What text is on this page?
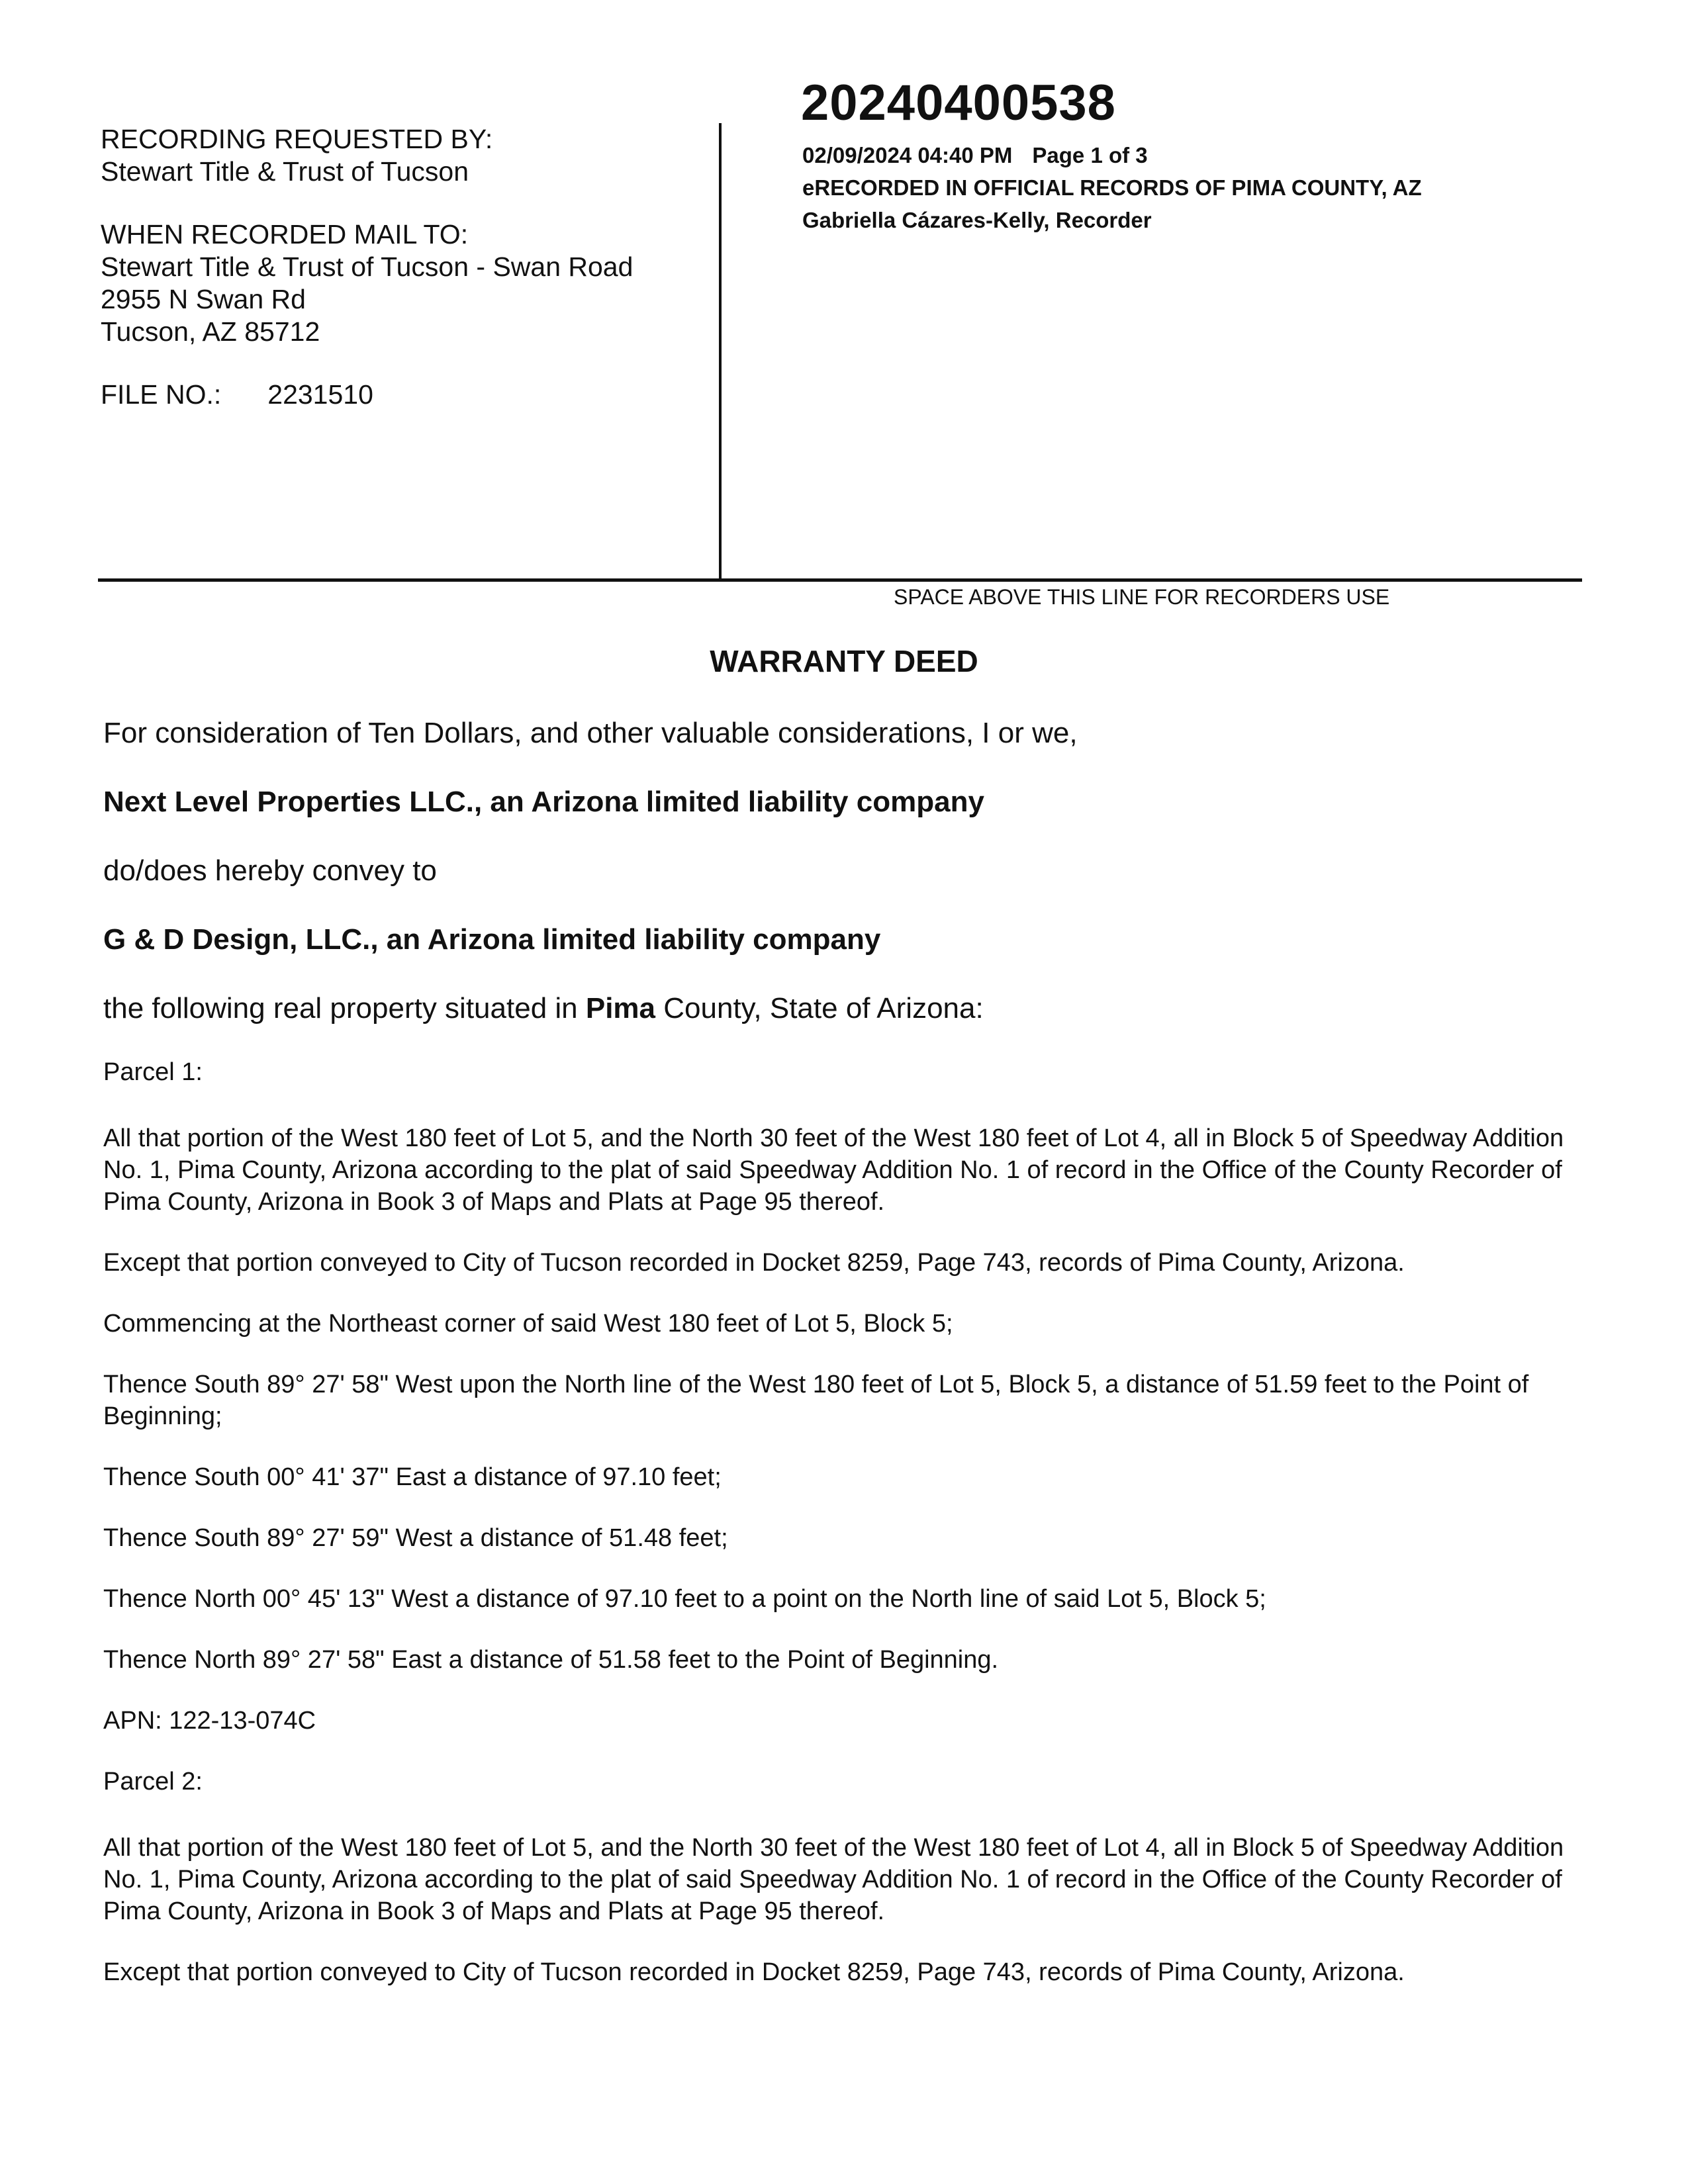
RECORDING REQUESTED BY:

Stewart Title & Trust of Tucson

WHEN RECORDED MAIL TO:

Stewart Title & Trust of Tucson - Swan Road

2955 N Swan Rd

Tucson, AZ 85712

FILE NO.: 2231510

20240400538

02/09/2024 04:40 PM Page 1 of 3

eRECORDED IN OFFICIAL RECORDS OF PIMA COUNTY, AZ

Gabriella Cázares-Kelly, Recorder

SPACE ABOVE THIS LINE FOR RECORDERS USE
WARRANTY DEED

For consideration of Ten Dollars, and other valuable considerations, I or we,

Next Level Properties LLC., an Arizona limited liability company

do/does hereby convey to

G & D Design, LLC., an Arizona limited liability company

the following real property situated in Pima County, State of Arizona:

Parcel 1:

All that portion of the West 180 feet of Lot 5, and the North 30 feet of the West 180 feet of Lot 4, all in Block 5 of Speedway Addition No. 1, Pima County, Arizona according to the plat of said Speedway Addition No. 1 of record in the Office of the County Recorder of Pima County, Arizona in Book 3 of Maps and Plats at Page 95 thereof.

Except that portion conveyed to City of Tucson recorded in Docket 8259, Page 743, records of Pima County, Arizona.

Commencing at the Northeast corner of said West 180 feet of Lot 5, Block 5;

Thence South 89° 27' 58" West upon the North line of the West 180 feet of Lot 5, Block 5, a distance of 51.59 feet to the Point of Beginning;

Thence South 00° 41' 37" East a distance of 97.10 feet;

Thence South 89° 27' 59" West a distance of 51.48 feet;

Thence North 00° 45' 13" West a distance of 97.10 feet to a point on the North line of said Lot 5, Block 5;

Thence North 89° 27' 58" East a distance of 51.58 feet to the Point of Beginning.

APN: 122-13-074C

Parcel 2:

All that portion of the West 180 feet of Lot 5, and the North 30 feet of the West 180 feet of Lot 4, all in Block 5 of Speedway Addition No. 1, Pima County, Arizona according to the plat of said Speedway Addition No. 1 of record in the Office of the County Recorder of Pima County, Arizona in Book 3 of Maps and Plats at Page 95 thereof.

Except that portion conveyed to City of Tucson recorded in Docket 8259, Page 743, records of Pima County, Arizona.
